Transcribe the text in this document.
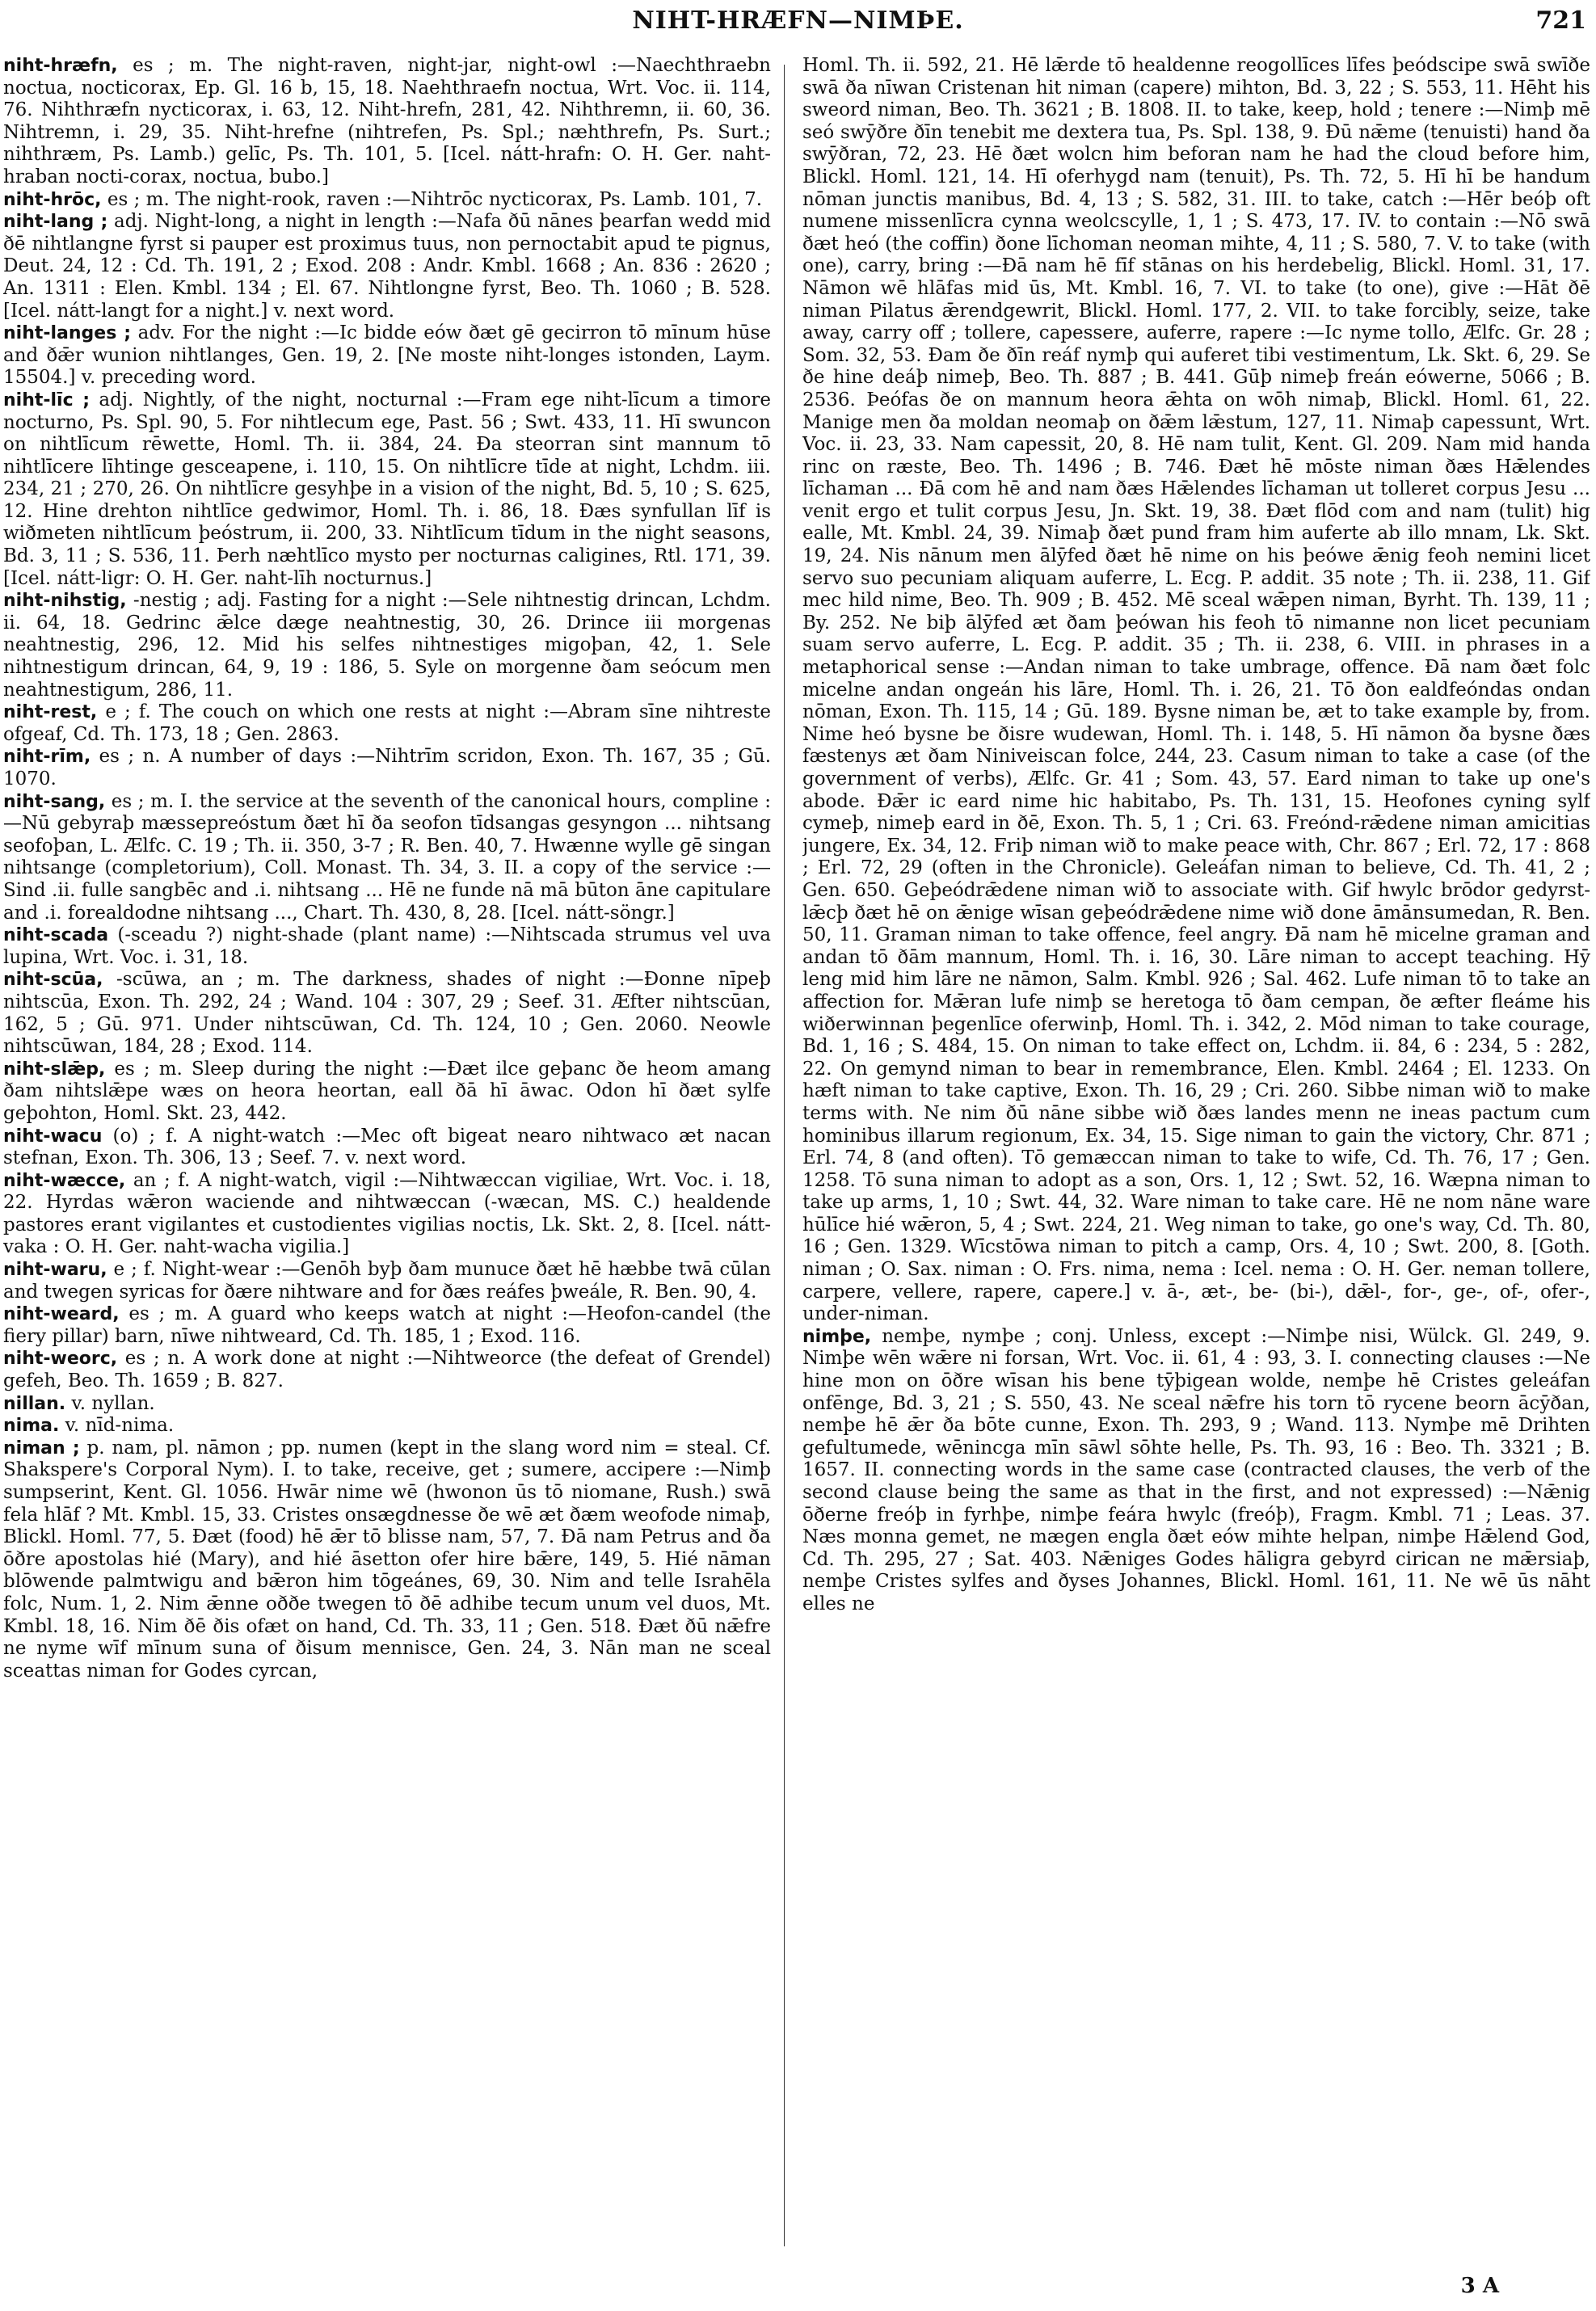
NIHT-HRÆFN—NIMÞE.	721

niht-hræfn, es ; m. The night-raven, night-jar, night-owl :—Naechthraebn noctua, nocticorax, Ep. Gl. 16 b, 15, 18. Naehthraefn noctua, Wrt. Voc. ii. 114, 76. Nihthræfn nycticorax, i. 63, 12. Niht-hrefn, 281, 42. Nihthremn, ii. 60, 36. Nihtremn, i. 29, 35. Niht-hrefne (nihtrefen, Ps. Spl.; næhthrefn, Ps. Surt.; nihthræm, Ps. Lamb.) gelīc, Ps. Th. 101, 5. [Icel. nátt-hrafn: O. H. Ger. naht-hraban nocti-corax, noctua, bubo.]

niht-hrōc, es ; m. The night-rook, raven :—Nihtrōc nycticorax, Ps. Lamb. 101, 7.

niht-lang ; adj. Night-long, a night in length :—Nafa ðū nānes þearfan wedd mid ðē nihtlangne fyrst si pauper est proximus tuus, non pernoctabit apud te pignus, Deut. 24, 12 : Cd. Th. 191, 2 ; Exod. 208 : Andr. Kmbl. 1668 ; An. 836 : 2620 ; An. 1311 : Elen. Kmbl. 134 ; El. 67. Nihtlongne fyrst, Beo. Th. 1060 ; B. 528. [Icel. nátt-langt for a night.] v. next word.

niht-langes ; adv. For the night :—Ic bidde eów ðæt gē gecirron tō mīnum hūse and ðǣr wunion nihtlanges, Gen. 19, 2. [Ne moste niht-longes istonden, Laym. 15504.] v. preceding word.

niht-līc ; adj. Nightly, of the night, nocturnal :—Fram ege niht-līcum a timore nocturno, Ps. Spl. 90, 5. For nihtlecum ege, Past. 56 ; Swt. 433, 11. Hī swuncon on nihtlīcum rēwette, Homl. Th. ii. 384, 24. Ða steorran sint mannum tō nihtlīcere līhtinge gesceapene, i. 110, 15. On nihtlīcre tīde at night, Lchdm. iii. 234, 21 ; 270, 26. On nihtlīcre gesyhþe in a vision of the night, Bd. 5, 10 ; S. 625, 12. Hine drehton nihtlīce gedwimor, Homl. Th. i. 86, 18. Ðæs synfullan līf is wiðmeten nihtlīcum þeóstrum, ii. 200, 33. Nihtlīcum tīdum in the night seasons, Bd. 3, 11 ; S. 536, 11. Þerh næhtlīco mysto per nocturnas caligines, Rtl. 171, 39. [Icel. nátt-ligr: O. H. Ger. naht-līh nocturnus.]

niht-nihstig, -nestig ; adj. Fasting for a night :—Sele nihtnestig drincan, Lchdm. ii. 64, 18. Gedrinc ǣlce dæge neahtnestig, 30, 26. Drince iii morgenas neahtnestig, 296, 12. Mid his selfes nihtnestiges migoþan, 42, 1. Sele nihtnestigum drincan, 64, 9, 19 : 186, 5. Syle on morgenne ðam seócum men neahtnestigum, 286, 11.

niht-rest, e ; f. The couch on which one rests at night :—Abram sīne nihtreste ofgeaf, Cd. Th. 173, 18 ; Gen. 2863.

niht-rīm, es ; n. A number of days :—Nihtrīm scridon, Exon. Th. 167, 35 ; Gū. 1070.

niht-sang, es ; m. I. the service at the seventh of the canonical hours, compline :—Nū gebyraþ mæssepreóstum ðæt hī ða seofon tīdsangas gesyngon ... nihtsang seofoþan, L. Ælfc. C. 19 ; Th. ii. 350, 3-7 ; R. Ben. 40, 7. Hwænne wylle gē singan nihtsange (completorium), Coll. Monast. Th. 34, 3. II. a copy of the service :—Sind .ii. fulle sangbēc and .i. nihtsang ... Hē ne funde nā mā būton āne capitulare and .i. forealdodne nihtsang ..., Chart. Th. 430, 8, 28. [Icel. nátt-söngr.]

niht-scada (-sceadu ?) night-shade (plant name) :—Nihtscada strumus vel uva lupina, Wrt. Voc. i. 31, 18.

niht-scūa, -scūwa, an ; m. The darkness, shades of night :—Ðonne nīpeþ nihtscūa, Exon. Th. 292, 24 ; Wand. 104 : 307, 29 ; Seef. 31. Æfter nihtscūan, 162, 5 ; Gū. 971. Under nihtscūwan, Cd. Th. 124, 10 ; Gen. 2060. Neowle nihtscūwan, 184, 28 ; Exod. 114.

niht-slǣp, es ; m. Sleep during the night :—Ðæt ilce geþanc ðe heom amang ðam nihtslǣpe wæs on heora heortan, eall ðā hī āwac. Odon hī ðæt sylfe geþohton, Homl. Skt. 23, 442.

niht-wacu (o) ; f. A night-watch :—Mec oft bigeat nearo nihtwaco æt nacan stefnan, Exon. Th. 306, 13 ; Seef. 7. v. next word.

niht-wæcce, an ; f. A night-watch, vigil :—Nihtwæccan vigiliae, Wrt. Voc. i. 18, 22. Hyrdas wǣron waciende and nihtwæccan (-wæcan, MS. C.) healdende pastores erant vigilantes et custodientes vigilias noctis, Lk. Skt. 2, 8. [Icel. nátt-vaka : O. H. Ger. naht-wacha vigilia.]

niht-waru, e ; f. Night-wear :—Genōh byþ ðam munuce ðæt hē hæbbe twā cūlan and twegen syricas for ðære nihtware and for ðæs reáfes þweále, R. Ben. 90, 4.

niht-weard, es ; m. A guard who keeps watch at night :—Heofon-candel (the fiery pillar) barn, nīwe nihtweard, Cd. Th. 185, 1 ; Exod. 116.

niht-weorc, es ; n. A work done at night :—Nihtweorce (the defeat of Grendel) gefeh, Beo. Th. 1659 ; B. 827.

nillan. v. nyllan.

nima. v. nīd-nima.

niman ; p. nam, pl. nāmon ; pp. numen (kept in the slang word nim = steal. Cf. Shakspere's Corporal Nym). I. to take, receive, get ; sumere, accipere :—Nimþ sumpserint, Kent. Gl. 1056. Hwār nime wē (hwonon ūs tō niomane, Rush.) swā fela hlāf ? Mt. Kmbl. 15, 33. Cristes onsægdnesse ðe wē æt ðæm weofode nimaþ, Blickl. Homl. 77, 5. Ðæt (food) hē ǣr tō blisse nam, 57, 7. Ðā nam Petrus and ða ōðre apostolas hié (Mary), and hié āsetton ofer hire bǣre, 149, 5. Hié nāman blōwende palmtwigu and bǣron him tōgeánes, 69, 30. Nim and telle Israhēla folc, Num. 1, 2. Nim ǣnne oððe twegen tō ðē adhibe tecum unum vel duos, Mt. Kmbl. 18, 16. Nim ðē ðis ofæt on hand, Cd. Th. 33, 11 ; Gen. 518. Ðæt ðū nǣfre ne nyme wīf mīnum suna of ðisum mennisce, Gen. 24, 3. Nān man ne sceal sceattas niman for Godes cyrcan,

Homl. Th. ii. 592, 21. Hē lǣrde tō healdenne reogollīces līfes þeódscipe swā swīðe swā ða nīwan Cristenan hit niman (capere) mihton, Bd. 3, 22 ; S. 553, 11. Hēht his sweord niman, Beo. Th. 3621 ; B. 1808. II. to take, keep, hold ; tenere :—Nimþ mē seó swȳðre ðīn tenebit me dextera tua, Ps. Spl. 138, 9. Ðū nǣme (tenuisti) hand ða swȳðran, 72, 23. Hē ðæt wolcn him beforan nam he had the cloud before him, Blickl. Homl. 121, 14. Hī oferhygd nam (tenuit), Ps. Th. 72, 5. Hī hī be handum nōman junctis manibus, Bd. 4, 13 ; S. 582, 31. III. to take, catch :—Hēr beóþ oft numene missenlīcra cynna weolcscylle, 1, 1 ; S. 473, 17. IV. to contain :—Nō swā ðæt heó (the coffin) ðone līchoman neoman mihte, 4, 11 ; S. 580, 7. V. to take (with one), carry, bring :—Ðā nam hē fīf stānas on his herdebelig, Blickl. Homl. 31, 17. Nāmon wē hlāfas mid ūs, Mt. Kmbl. 16, 7. VI. to take (to one), give :—Hāt ðē niman Pilatus ǣrendgewrit, Blickl. Homl. 177, 2. VII. to take forcibly, seize, take away, carry off ; tollere, capessere, auferre, rapere :—Ic nyme tollo, Ælfc. Gr. 28 ; Som. 32, 53. Ðam ðe ðīn reáf nymþ qui auferet tibi vestimentum, Lk. Skt. 6, 29. Se ðe hine deáþ nimeþ, Beo. Th. 887 ; B. 441. Gūþ nimeþ freán eówerne, 5066 ; B. 2536. Þeófas ðe on mannum heora ǣhta on wōh nimaþ, Blickl. Homl. 61, 22. Manige men ða moldan neomaþ on ðǣm lǣstum, 127, 11. Nimaþ capessunt, Wrt. Voc. ii. 23, 33. Nam capessit, 20, 8. Hē nam tulit, Kent. Gl. 209. Nam mid handa rinc on ræste, Beo. Th. 1496 ; B. 746. Ðæt hē mōste niman ðæs Hǣlendes līchaman ... Ðā com hē and nam ðæs Hǣlendes līchaman ut tolleret corpus Jesu ... venit ergo et tulit corpus Jesu, Jn. Skt. 19, 38. Ðæt flōd com and nam (tulit) hig ealle, Mt. Kmbl. 24, 39. Nimaþ ðæt pund fram him auferte ab illo mnam, Lk. Skt. 19, 24. Nis nānum men ālȳfed ðæt hē nime on his þeówe ǣnig feoh nemini licet servo suo pecuniam aliquam auferre, L. Ecg. P. addit. 35 note ; Th. ii. 238, 11. Gif mec hild nime, Beo. Th. 909 ; B. 452. Mē sceal wǣpen niman, Byrht. Th. 139, 11 ; By. 252. Ne biþ ālȳfed æt ðam þeówan his feoh tō nimanne non licet pecuniam suam servo auferre, L. Ecg. P. addit. 35 ; Th. ii. 238, 6. VIII. in phrases in a metaphorical sense :—Andan niman to take umbrage, offence. Ðā nam ðæt folc micelne andan ongeán his lāre, Homl. Th. i. 26, 21. Tō ðon ealdfeóndas ondan nōman, Exon. Th. 115, 14 ; Gū. 189. Bysne niman be, æt to take example by, from. Nime heó bysne be ðisre wudewan, Homl. Th. i. 148, 5. Hī nāmon ða bysne ðæs fæstenys æt ðam Niniveiscan folce, 244, 23. Casum niman to take a case (of the government of verbs), Ælfc. Gr. 41 ; Som. 43, 57. Eard niman to take up one's abode. Ðǣr ic eard nime hic habitabo, Ps. Th. 131, 15. Heofones cyning sylf cymeþ, nimeþ eard in ðē, Exon. Th. 5, 1 ; Cri. 63. Freónd-rǣdene niman amicitias jungere, Ex. 34, 12. Friþ niman wið to make peace with, Chr. 867 ; Erl. 72, 17 : 868 ; Erl. 72, 29 (often in the Chronicle). Geleáfan niman to believe, Cd. Th. 41, 2 ; Gen. 650. Geþeódrǣdene niman wið to associate with. Gif hwylc brōdor gedyrst-lǣcþ ðæt hē on ǣnige wīsan geþeódrǣdene nime wið done āmānsumedan, R. Ben. 50, 11. Graman niman to take offence, feel angry. Ðā nam hē micelne graman and andan tō ðām mannum, Homl. Th. i. 16, 30. Lāre niman to accept teaching. Hȳ leng mid him lāre ne nāmon, Salm. Kmbl. 926 ; Sal. 462. Lufe niman tō to take an affection for. Mǣran lufe nimþ se heretoga tō ðam cempan, ðe æfter fleáme his wiðerwinnan þegenlīce oferwinþ, Homl. Th. i. 342, 2. Mōd niman to take courage, Bd. 1, 16 ; S. 484, 15. On niman to take effect on, Lchdm. ii. 84, 6 : 234, 5 : 282, 22. On gemynd niman to bear in remembrance, Elen. Kmbl. 2464 ; El. 1233. On hæft niman to take captive, Exon. Th. 16, 29 ; Cri. 260. Sibbe niman wið to make terms with. Ne nim ðū nāne sibbe wið ðæs landes menn ne ineas pactum cum hominibus illarum regionum, Ex. 34, 15. Sige niman to gain the victory, Chr. 871 ; Erl. 74, 8 (and often). Tō gemæccan niman to take to wife, Cd. Th. 76, 17 ; Gen. 1258. Tō suna niman to adopt as a son, Ors. 1, 12 ; Swt. 52, 16. Wæpna niman to take up arms, 1, 10 ; Swt. 44, 32. Ware niman to take care. Hē ne nom nāne ware hūlīce hié wǣron, 5, 4 ; Swt. 224, 21. Weg niman to take, go one's way, Cd. Th. 80, 16 ; Gen. 1329. Wīcstōwa niman to pitch a camp, Ors. 4, 10 ; Swt. 200, 8. [Goth. niman ; O. Sax. niman : O. Frs. nima, nema : Icel. nema : O. H. Ger. neman tollere, carpere, vellere, rapere, capere.] v. ā-, æt-, be- (bi-), dǣl-, for-, ge-, of-, ofer-, under-niman.

nimþe, nemþe, nymþe ; conj. Unless, except :—Nimþe nisi, Wülck. Gl. 249, 9. Nimþe wēn wǣre ni forsan, Wrt. Voc. ii. 61, 4 : 93, 3. I. connecting clauses :—Ne hine mon on ōðre wīsan his bene tȳþigean wolde, nemþe hē Cristes geleáfan onfēnge, Bd. 3, 21 ; S. 550, 43. Ne sceal nǣfre his torn tō rycene beorn ācȳðan, nemþe hē ǣr ða bōte cunne, Exon. Th. 293, 9 ; Wand. 113. Nymþe mē Drihten gefultumede, wēnincga mīn sāwl sōhte helle, Ps. Th. 93, 16 : Beo. Th. 3321 ; B. 1657. II. connecting words in the same case (contracted clauses, the verb of the second clause being the same as that in the first, and not expressed) :—Nǣnig ōðerne freóþ in fyrhþe, nimþe feára hwylc (freóþ), Fragm. Kmbl. 71 ; Leas. 37. Næs monna gemet, ne mægen engla ðæt eów mihte helpan, nimþe Hǣlend God, Cd. Th. 295, 27 ; Sat. 403. Nǣniges Godes hāligra gebyrd cirican ne mǣrsiaþ, nemþe Cristes sylfes and ðyses Johannes, Blickl. Homl. 161, 11. Ne wē ūs nāht elles ne

3 A
